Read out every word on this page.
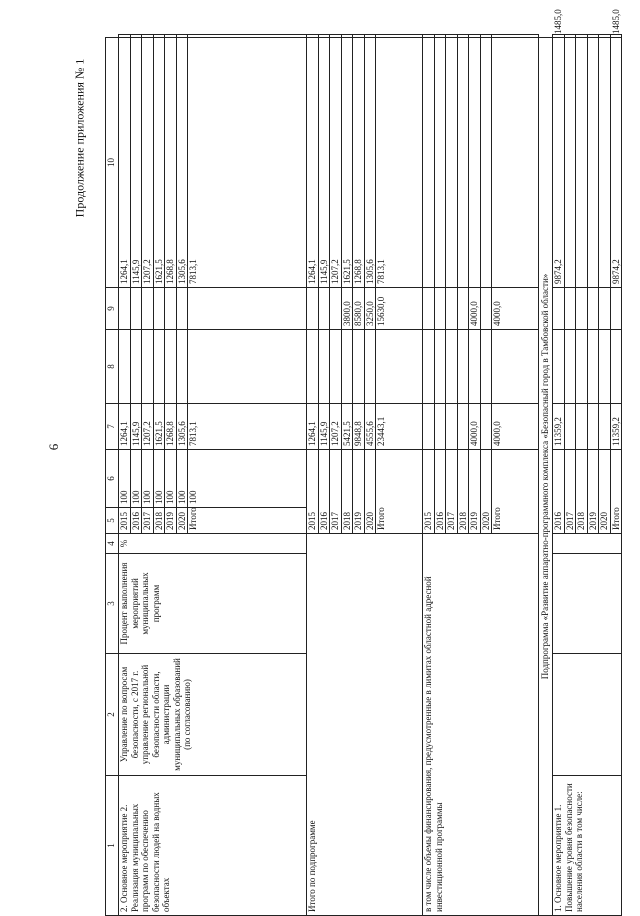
6
Продолжение приложения № 1
1	2	3	4	5	6	7	8	9	10	
2. Основное мероприятие 2. Реализация муниципальных программ по обеспечению безопасности людей на водных объектах	Управление по вопросам безопасности, с 2017 г. управление региональной безопасности области, администрации муниципальных образований (по согласованию)	Процент выполнения мероприятий муниципальных программ	%	2015	100	1264,1			1264,1	
				2016	100	1145,9			1145,9	
				2017	100	1207,2			1207,2	
				2018	100	1621,5			1621,5	
				2019	100	1268,8			1268,8	
				2020	100	1305,6			1305,6	
				Итого	100	7813,1			7813,1	
Итого по подпрограмме				2015		1264,1			1264,1	
				2016		1145,9			1145,9	
				2017		1207,2			1207,2	
				2018		5421,5		3800,0	1621,5	
				2019		9848,8		8580,0	1268,8	
				2020		4555,6		3250,0	1305,6	
				Итого		23443,1		15630,0	7813,1	
в том числе объемы финансирования, предусмотренные в лимитах областной адресной инвестиционной программы				2015						
				2016						
				2017						
				2018						
				2019		4000,0		4000,0		
				2020						
				Итого		4000,0		4000,0		
Подпрограмма «Развитие аппаратно-программного комплекса «Безопасный город в Тамбовской области»										
1. Основное мероприятие 1. Повышение уровня безопасности населения области в том числе:				2016		11359,2			9874,2	1485,0
				2017						
				2018						
				2019						
				2020						
				Итого		11359,2			9874,2	1485,0
